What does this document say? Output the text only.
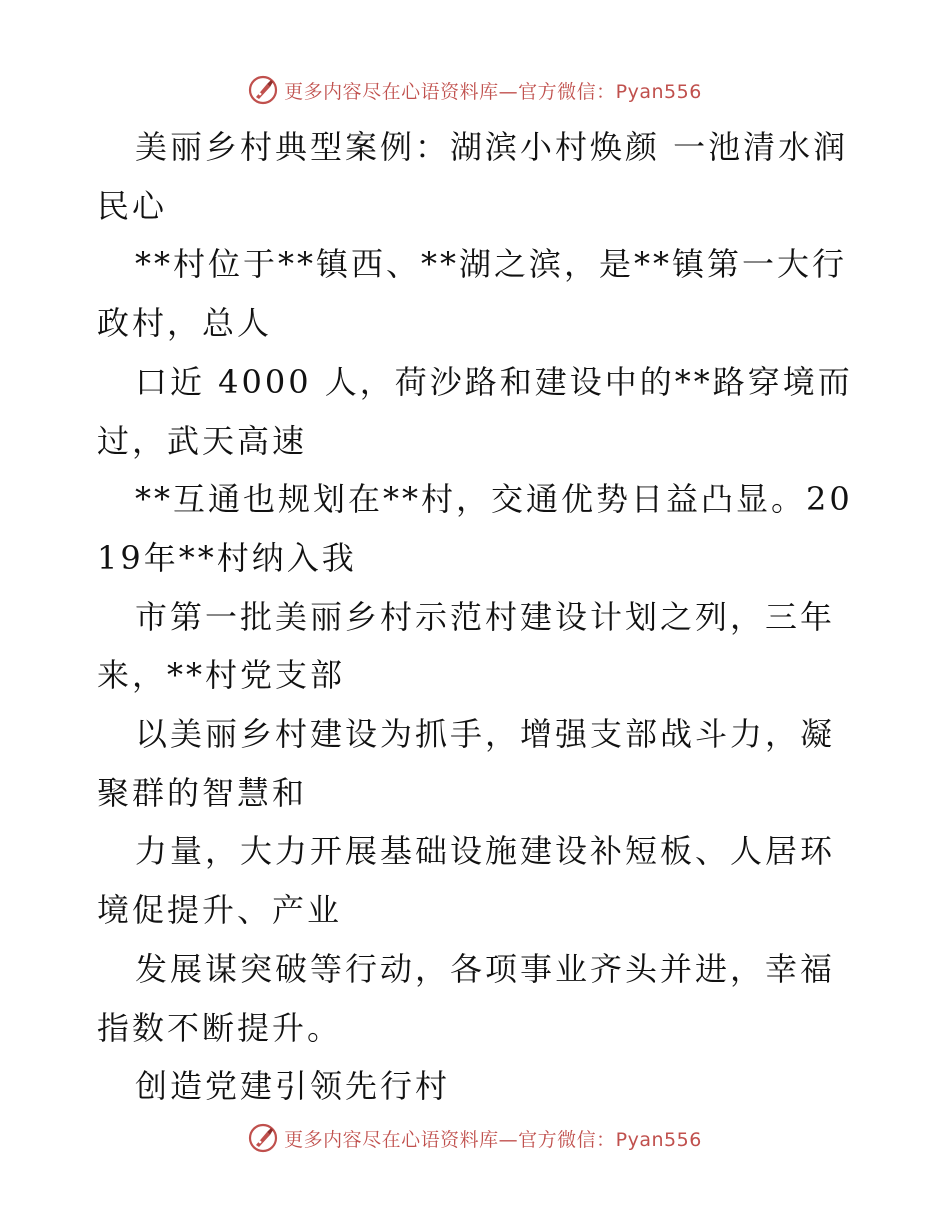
更多内容尽在心语资料库—官方微信：Pyan556

美丽乡村典型案例：湖滨小村焕颜 一池清水润民心

**村位于**镇西、**湖之滨，是**镇第一大行政村，总人

口近 4000 人，荷沙路和建设中的**路穿境而过，武天高速

**互通也规划在**村，交通优势日益凸显。2019年**村纳入我

市第一批美丽乡村示范村建设计划之列，三年来，**村党支部

以美丽乡村建设为抓手，增强支部战斗力，凝聚群的智慧和

力量，大力开展基础设施建设补短板、人居环境促提升、产业

发展谋突破等行动，各项事业齐头并进，幸福指数不断提升。

创造党建引领先行村

更多内容尽在心语资料库—官方微信：Pyan556
